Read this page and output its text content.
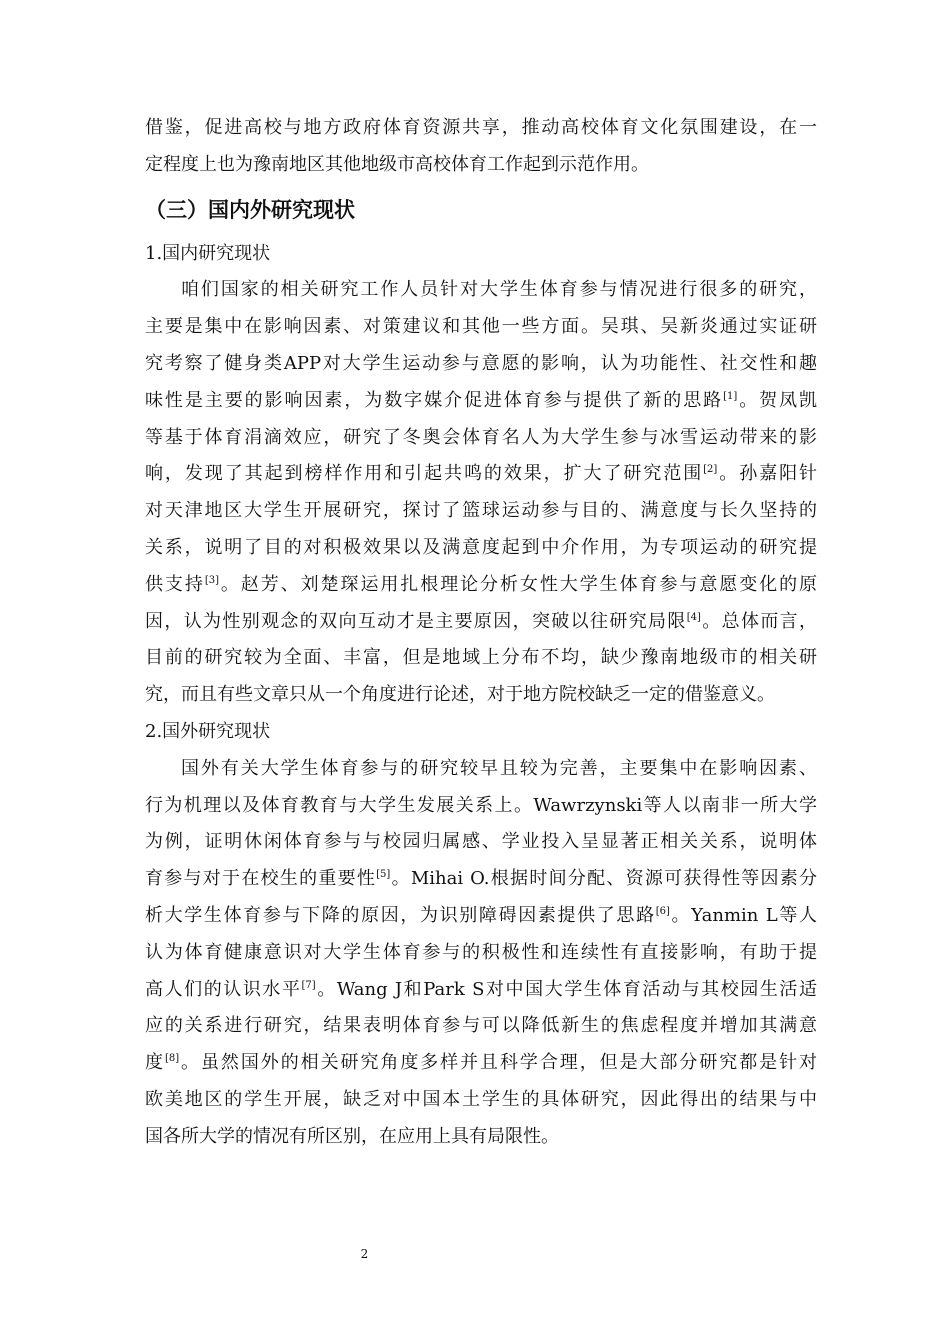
借鉴，促进高校与地方政府体育资源共享，推动高校体育文化氛围建设，在一
定程度上也为豫南地区其他地级市高校体育工作起到示范作用。
（三）国内外研究现状
1.国内研究现状
咱们国家的相关研究工作人员针对大学生体育参与情况进行很多的研究，
主要是集中在影响因素、对策建议和其他一些方面。吴琪、吴新炎通过实证研
究考察了健身类APP对大学生运动参与意愿的影响，认为功能性、社交性和趣
味性是主要的影响因素，为数字媒介促进体育参与提供了新的思路[1]。贺凤凯
等基于体育涓滴效应，研究了冬奥会体育名人为大学生参与冰雪运动带来的影
响，发现了其起到榜样作用和引起共鸣的效果，扩大了研究范围[2]。孙嘉阳针
对天津地区大学生开展研究，探讨了篮球运动参与目的、满意度与长久坚持的
关系，说明了目的对积极效果以及满意度起到中介作用，为专项运动的研究提
供支持[3]。赵芳、刘楚琛运用扎根理论分析女性大学生体育参与意愿变化的原
因，认为性别观念的双向互动才是主要原因，突破以往研究局限[4]。总体而言，
目前的研究较为全面、丰富，但是地域上分布不均，缺少豫南地级市的相关研
究，而且有些文章只从一个角度进行论述，对于地方院校缺乏一定的借鉴意义。
2.国外研究现状
国外有关大学生体育参与的研究较早且较为完善，主要集中在影响因素、
行为机理以及体育教育与大学生发展关系上。Wawrzynski等人以南非一所大学
为例，证明休闲体育参与与校园归属感、学业投入呈显著正相关关系，说明体
育参与对于在校生的重要性[5]。Mihai O.根据时间分配、资源可获得性等因素分
析大学生体育参与下降的原因，为识别障碍因素提供了思路[6]。Yanmin L等人
认为体育健康意识对大学生体育参与的积极性和连续性有直接影响，有助于提
高人们的认识水平[7]。Wang J和Park S对中国大学生体育活动与其校园生活适
应的关系进行研究，结果表明体育参与可以降低新生的焦虑程度并增加其满意
度[8]。虽然国外的相关研究角度多样并且科学合理，但是大部分研究都是针对
欧美地区的学生开展，缺乏对中国本土学生的具体研究，因此得出的结果与中
国各所大学的情况有所区别，在应用上具有局限性。
2
